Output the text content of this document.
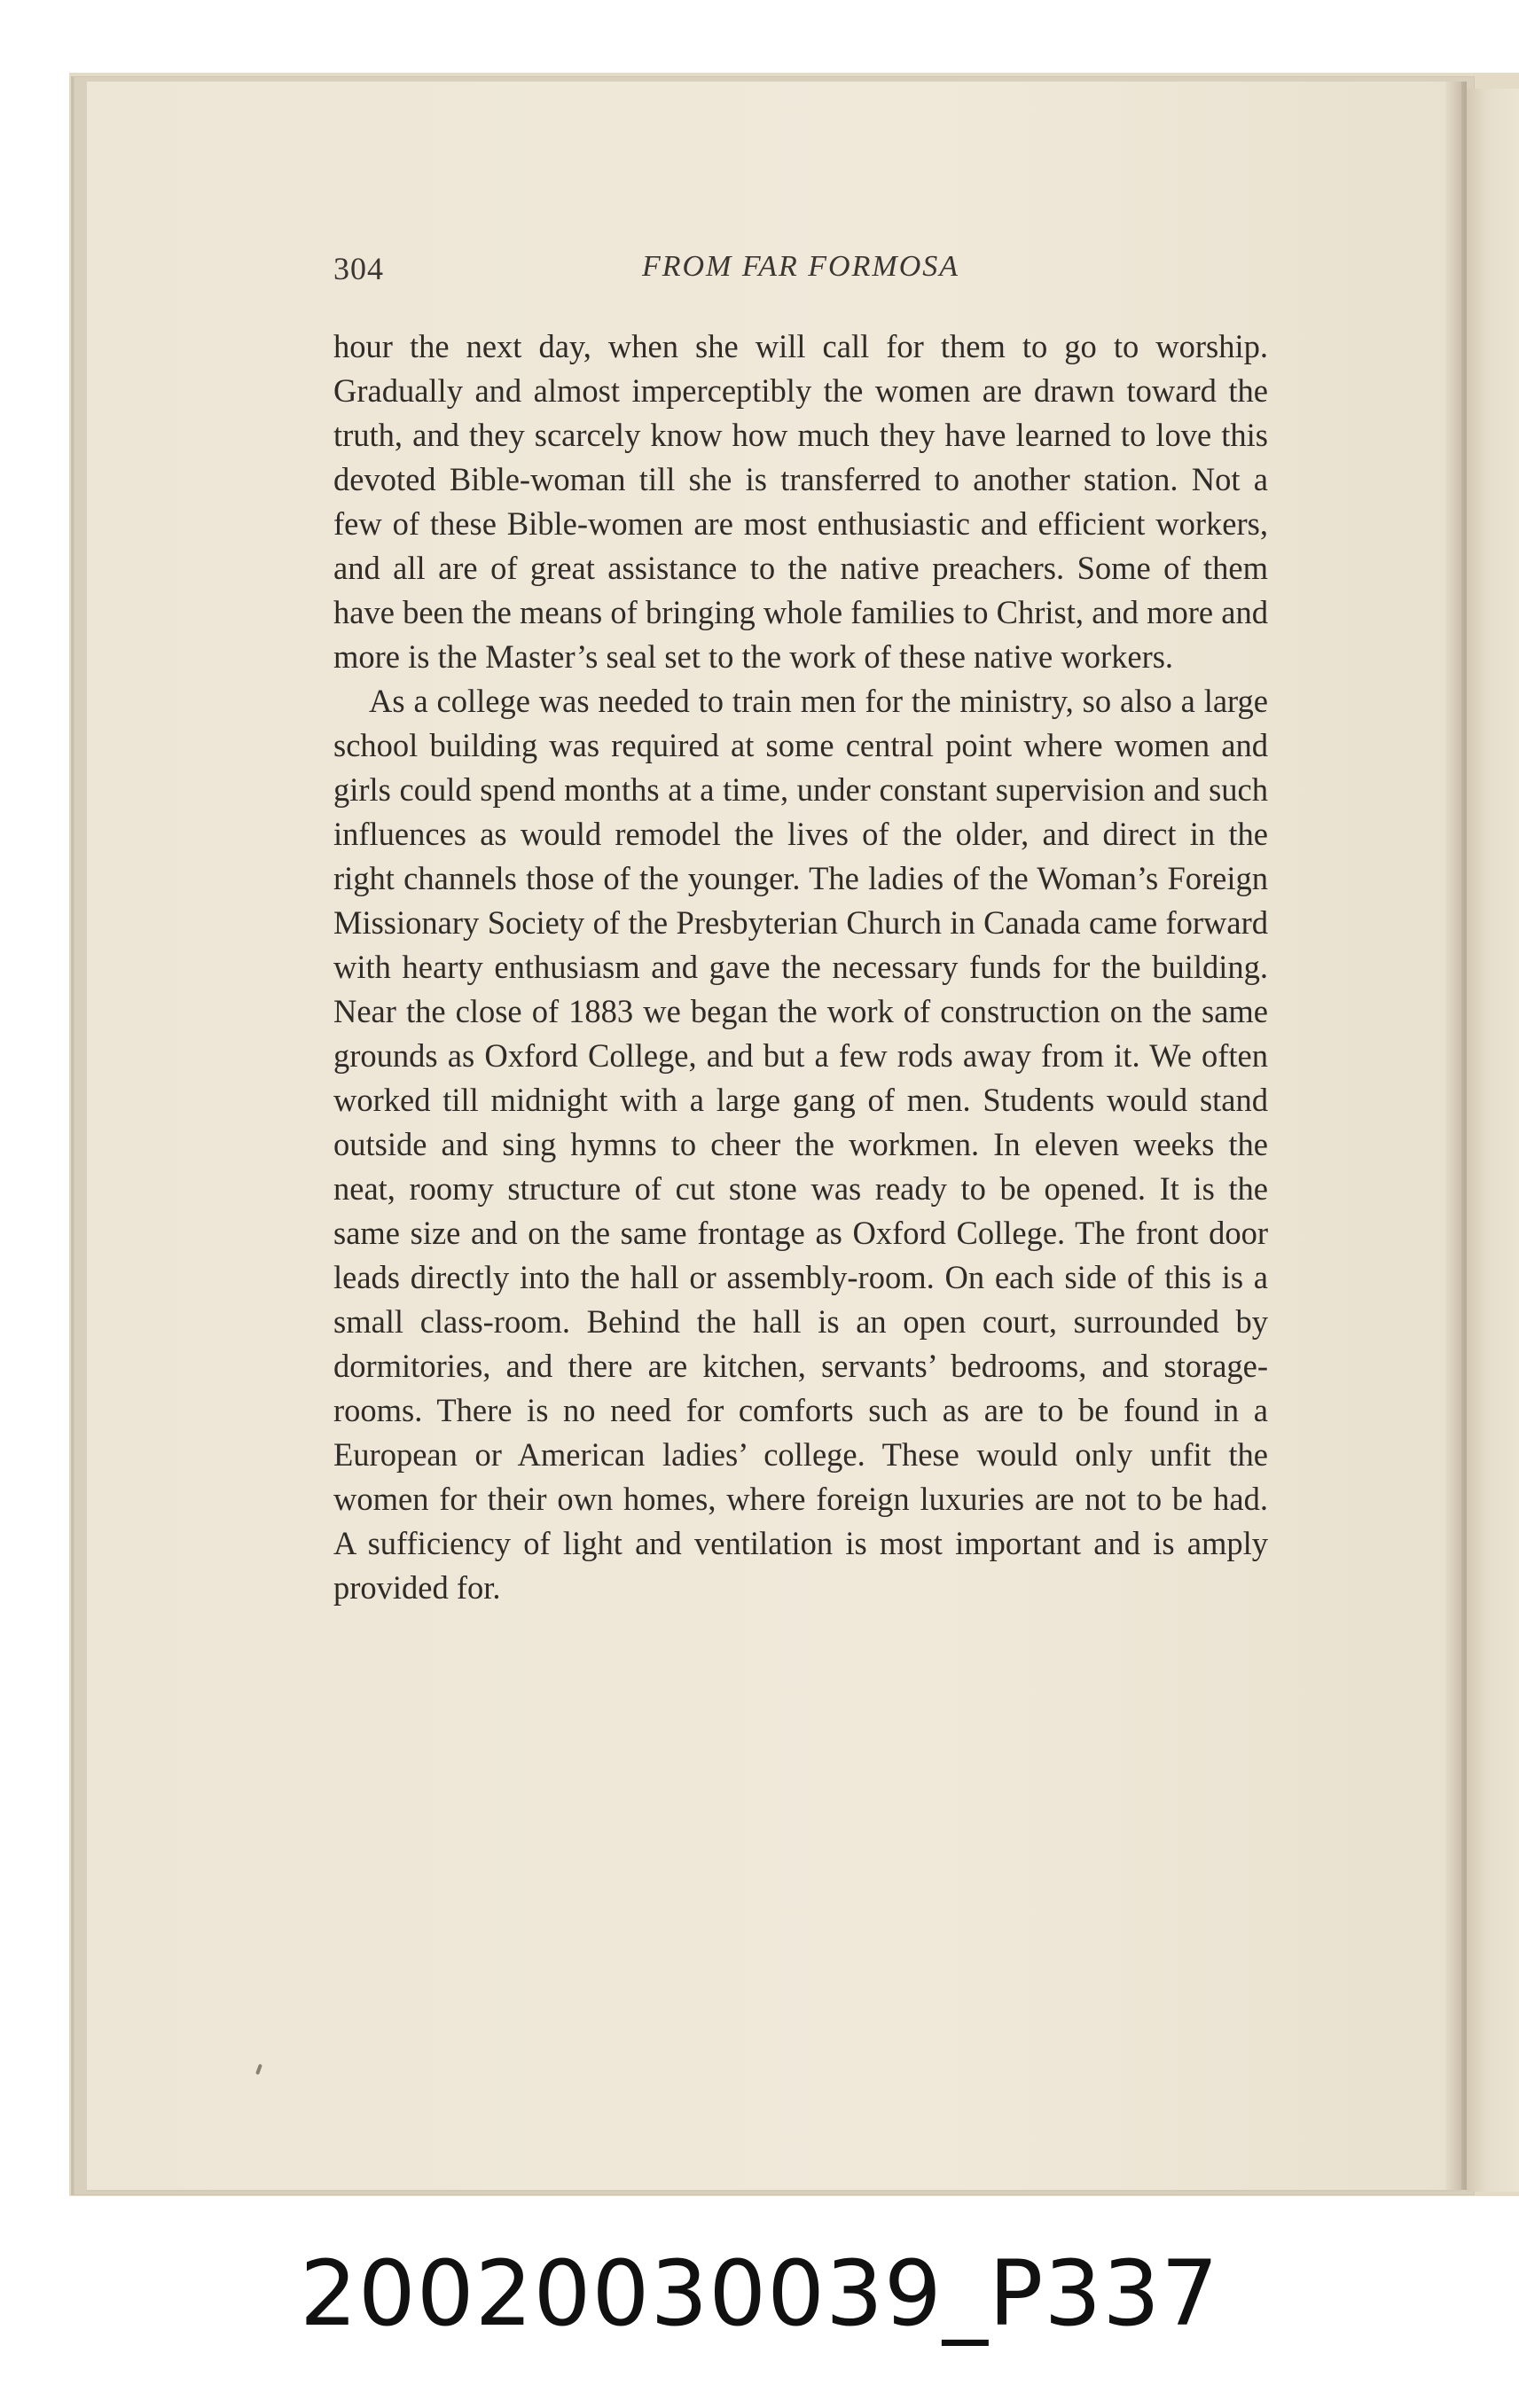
304	FROM FAR FORMOSA

hour the next day, when she will call for them to go to worship. Gradually and almost imperceptibly the women are drawn toward the truth, and they scarcely know how much they have learned to love this devoted Bible-woman till she is transferred to another station. Not a few of these Bible-women are most enthusiastic and efficient workers, and all are of great assistance to the native preachers. Some of them have been the means of bringing whole families to Christ, and more and more is the Master’s seal set to the work of these native workers.

As a college was needed to train men for the ministry, so also a large school building was required at some central point where women and girls could spend months at a time, under constant supervision and such influences as would remodel the lives of the older, and direct in the right channels those of the younger. The ladies of the Woman’s Foreign Missionary Society of the Presbyterian Church in Canada came forward with hearty enthusiasm and gave the necessary funds for the building. Near the close of 1883 we began the work of construction on the same grounds as Oxford College, and but a few rods away from it. We often worked till midnight with a large gang of men. Students would stand outside and sing hymns to cheer the workmen. In eleven weeks the neat, roomy structure of cut stone was ready to be opened. It is the same size and on the same frontage as Oxford College. The front door leads directly into the hall or assembly-room. On each side of this is a small class-room. Behind the hall is an open court, surrounded by dormitories, and there are kitchen, servants’ bedrooms, and storage-rooms. There is no need for comforts such as are to be found in a European or American ladies’ college. These would only unfit the women for their own homes, where foreign luxuries are not to be had. A sufficiency of light and ventilation is most important and is amply provided for.

20020030039_P337
